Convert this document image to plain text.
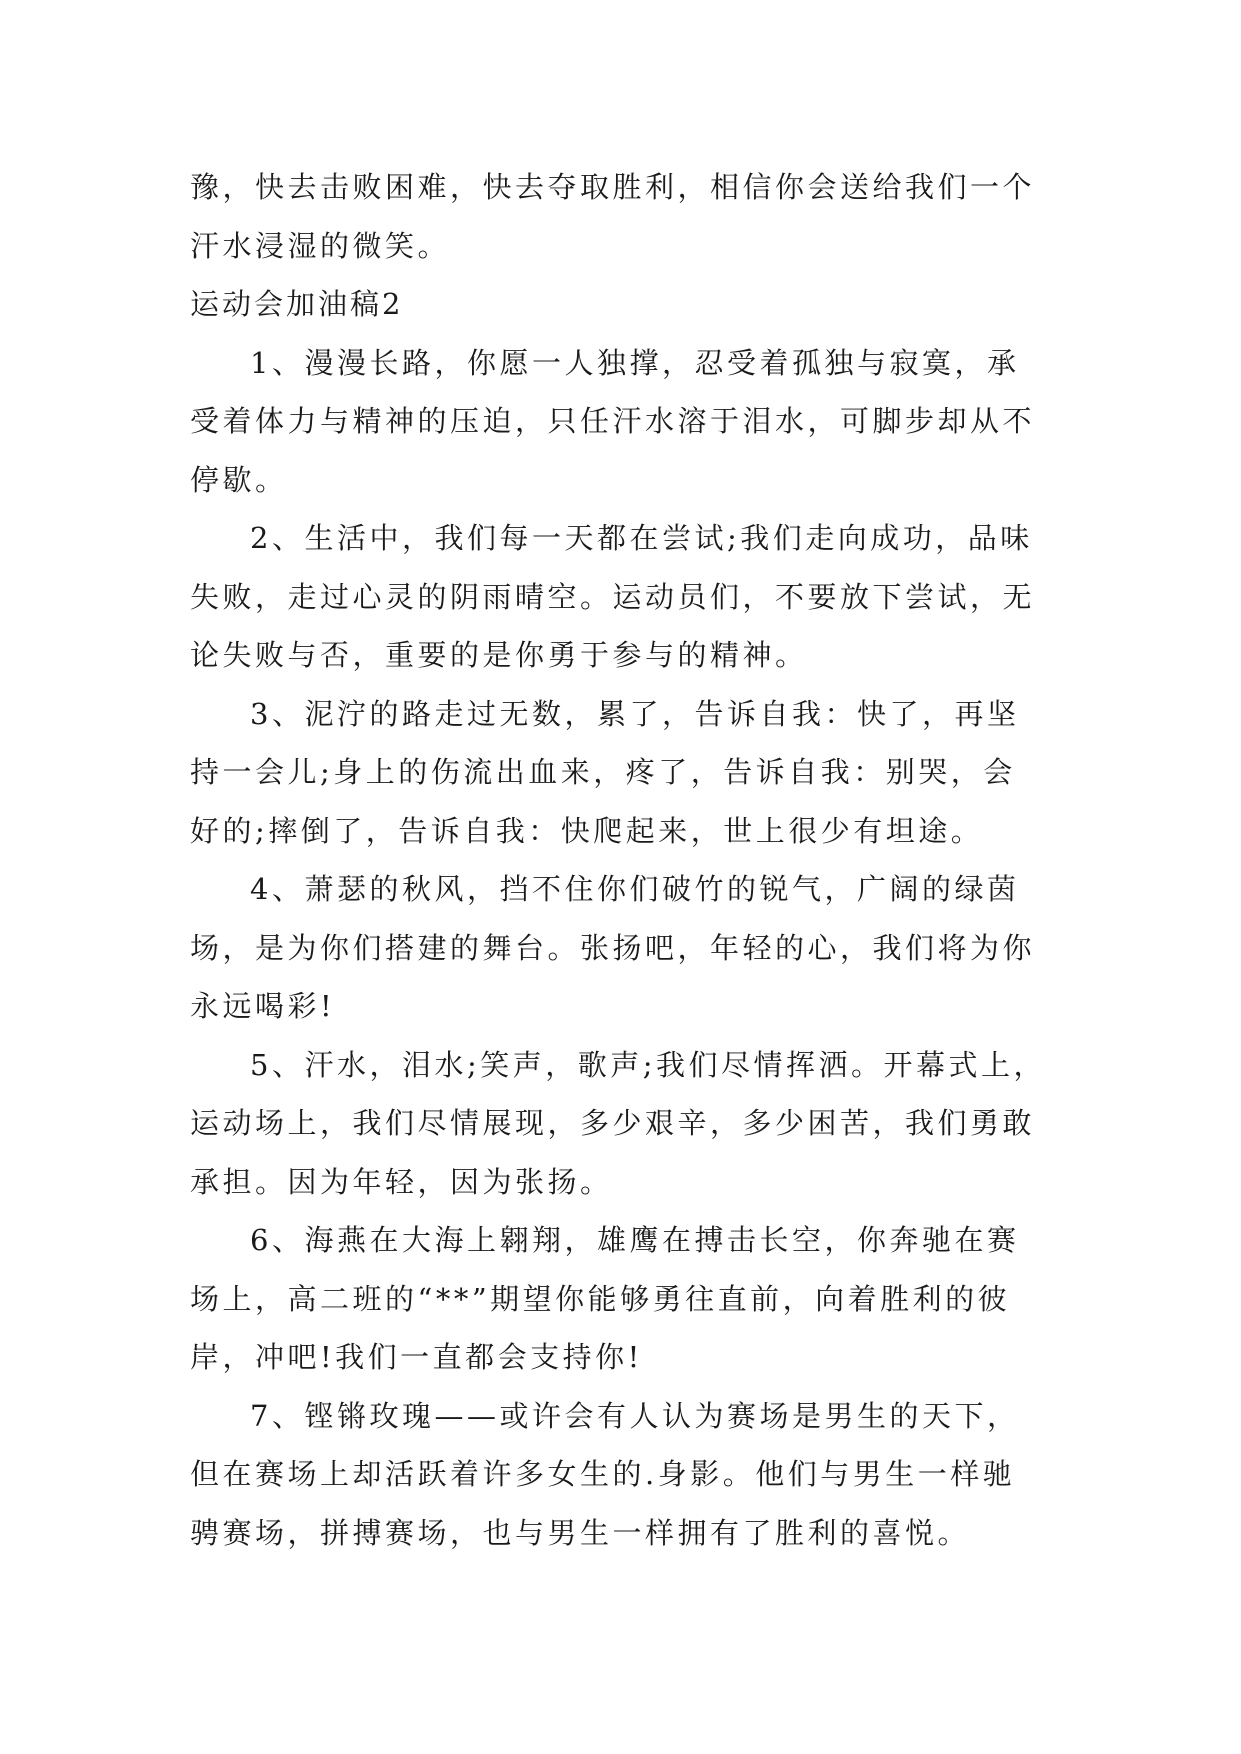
豫，快去击败困难，快去夺取胜利，相信你会送给我们一个
汗水浸湿的微笑。
运动会加油稿2
1、漫漫长路，你愿一人独撑，忍受着孤独与寂寞，承
受着体力与精神的压迫，只任汗水溶于泪水，可脚步却从不
停歇。
2、生活中，我们每一天都在尝试;我们走向成功，品味
失败，走过心灵的阴雨晴空。运动员们，不要放下尝试，无
论失败与否，重要的是你勇于参与的精神。
3、泥泞的路走过无数，累了，告诉自我：快了，再坚
持一会儿;身上的伤流出血来，疼了，告诉自我：别哭，会
好的;摔倒了，告诉自我：快爬起来，世上很少有坦途。
4、萧瑟的秋风，挡不住你们破竹的锐气，广阔的绿茵
场，是为你们搭建的舞台。张扬吧，年轻的心，我们将为你
永远喝彩!
5、汗水，泪水;笑声，歌声;我们尽情挥洒。开幕式上，
运动场上，我们尽情展现，多少艰辛，多少困苦，我们勇敢
承担。因为年轻，因为张扬。
6、海燕在大海上翱翔，雄鹰在搏击长空，你奔驰在赛
场上，高二班的“**”期望你能够勇往直前，向着胜利的彼
岸，冲吧!我们一直都会支持你!
7、铿锵玫瑰——或许会有人认为赛场是男生的天下，
但在赛场上却活跃着许多女生的.身影。他们与男生一样驰
骋赛场，拼搏赛场，也与男生一样拥有了胜利的喜悦。
